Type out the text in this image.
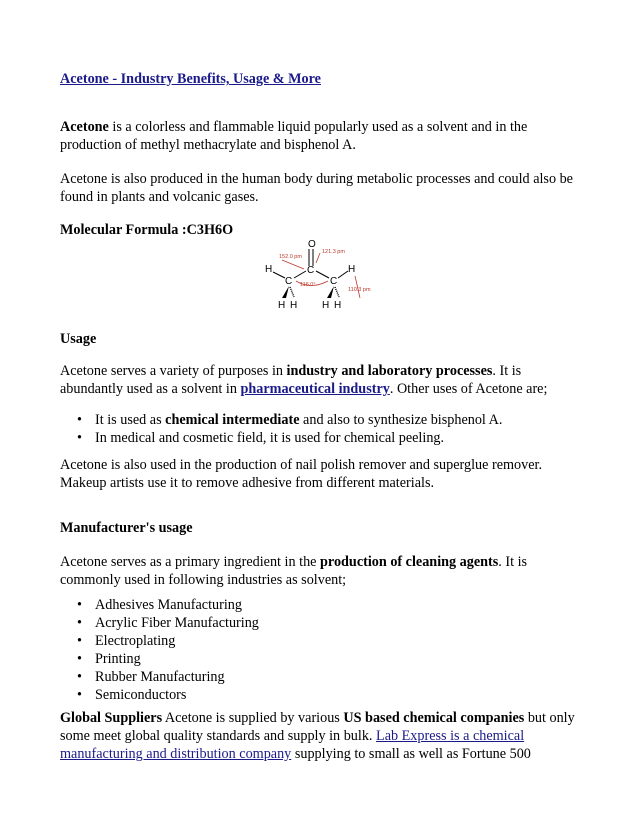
Acetone - Industry Benefits, Usage & More

Acetone is a colorless and flammable liquid popularly used as a solvent and in the production of methyl methacrylate and bisphenol A.

Acetone is also produced in the human body during metabolic processes and could also be found in plants and volcanic gases.

Molecular Formula :C3H6O

O
C
C	C
H	H
H H H H
152.0 pm
121.3 pm
116.0°
110.3 pm

Usage

Acetone serves a variety of purposes in industry and laboratory processes. It is abundantly used as a solvent in pharmaceutical industry. Other uses of Acetone are;

• It is used as chemical intermediate and also to synthesize bisphenol A.
• In medical and cosmetic field, it is used for chemical peeling.

Acetone is also used in the production of nail polish remover and superglue remover. Makeup artists use it to remove adhesive from different materials.

Manufacturer's usage

Acetone serves as a primary ingredient in the production of cleaning agents. It is commonly used in following industries as solvent;

• Adhesives Manufacturing
• Acrylic Fiber Manufacturing
• Electroplating
• Printing
• Rubber Manufacturing
• Semiconductors

Global Suppliers Acetone is supplied by various US based chemical companies but only some meet global quality standards and supply in bulk. Lab Express is a chemical manufacturing and distribution company supplying to small as well as Fortune 500
